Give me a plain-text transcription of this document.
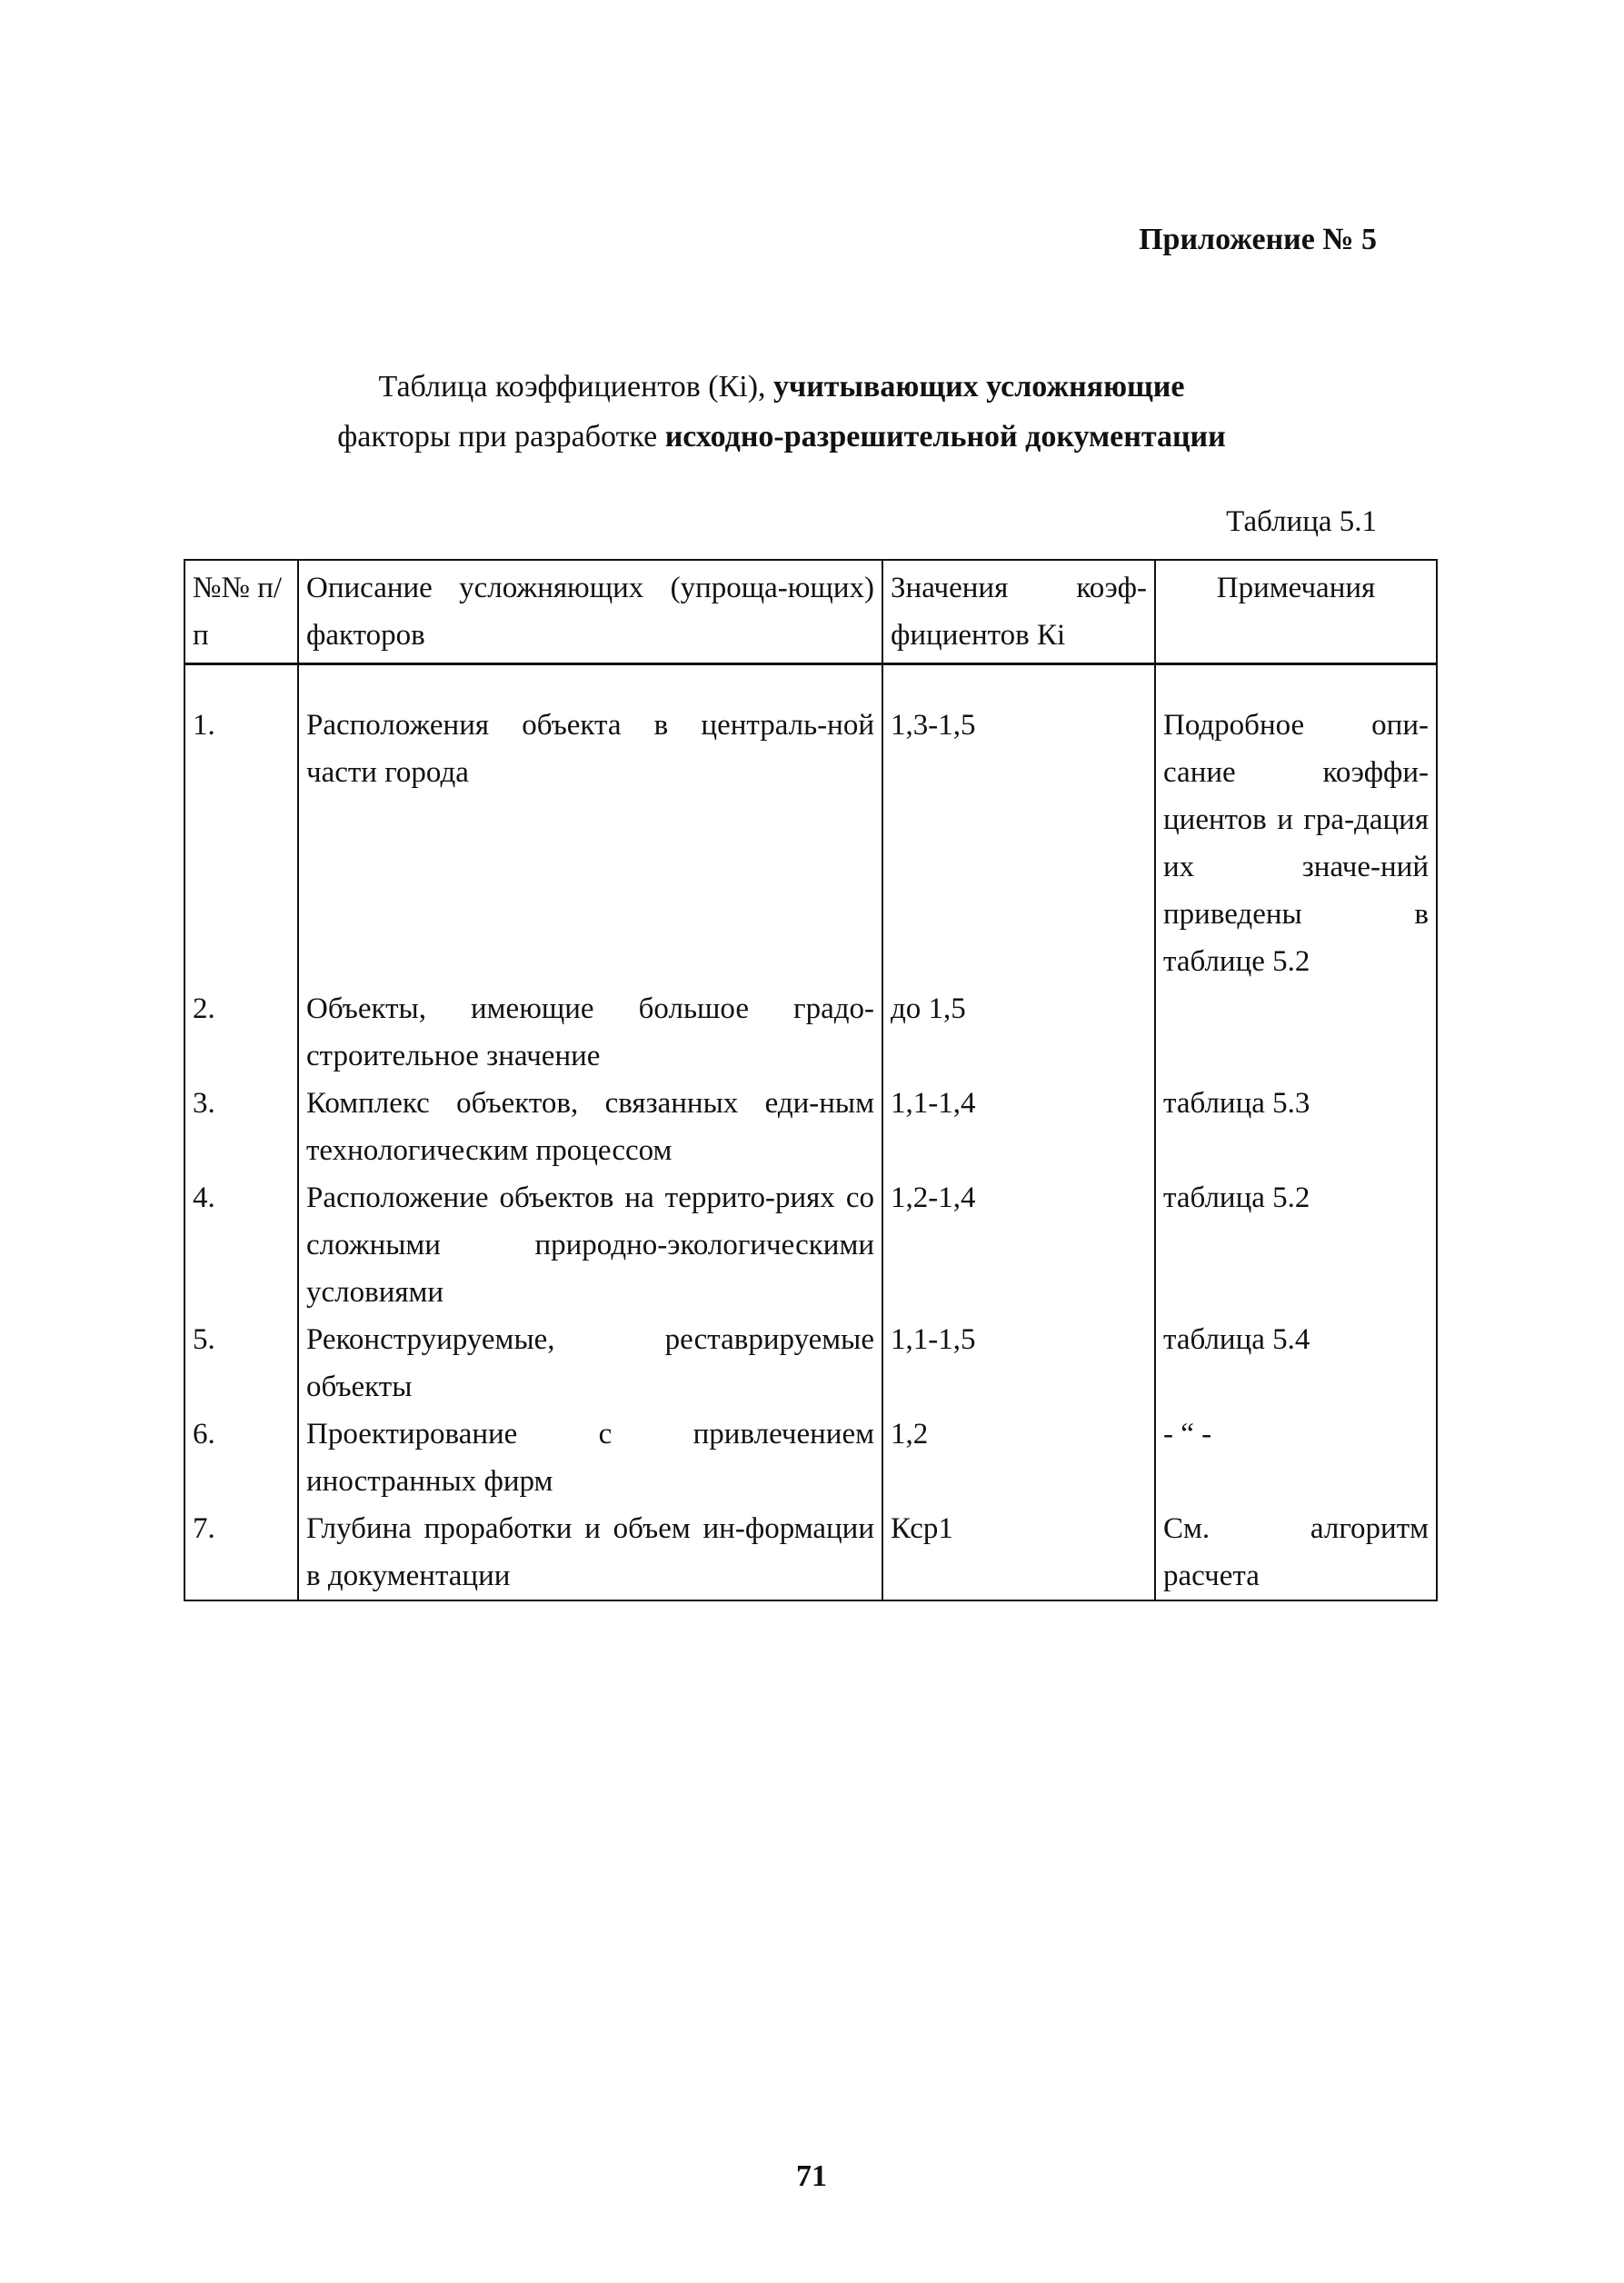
Приложение № 5
Таблица коэффициентов (Кi), учитывающих усложняющие
факторы при разработке исходно-разрешительной документации
Таблица 5.1
№№ п/п	Описание усложняющих (упроща-ющих) факторов	Значения коэф-фициентов Кi	Примечания
1.	Расположения объекта в централь-ной части города	1,3-1,5	Подробное опи-сание коэффи-циентов и гра-дация их значе-ний приведены в таблице 5.2
2.	Объекты, имеющие большое градо-строительное значение	до 1,5	
3.	Комплекс объектов, связанных еди-ным технологическим процессом	1,1-1,4	таблица 5.3
4.	Расположение объектов на террито-риях со сложными природно-экологическими условиями	1,2-1,4	таблица 5.2
5.	Реконструируемые, реставрируемые объекты	1,1-1,5	таблица 5.4
6.	Проектирование с привлечением иностранных фирм	1,2	- “ -
7.	Глубина проработки и объем ин-формации в документации	Кср1	См. алгоритм расчета
71
